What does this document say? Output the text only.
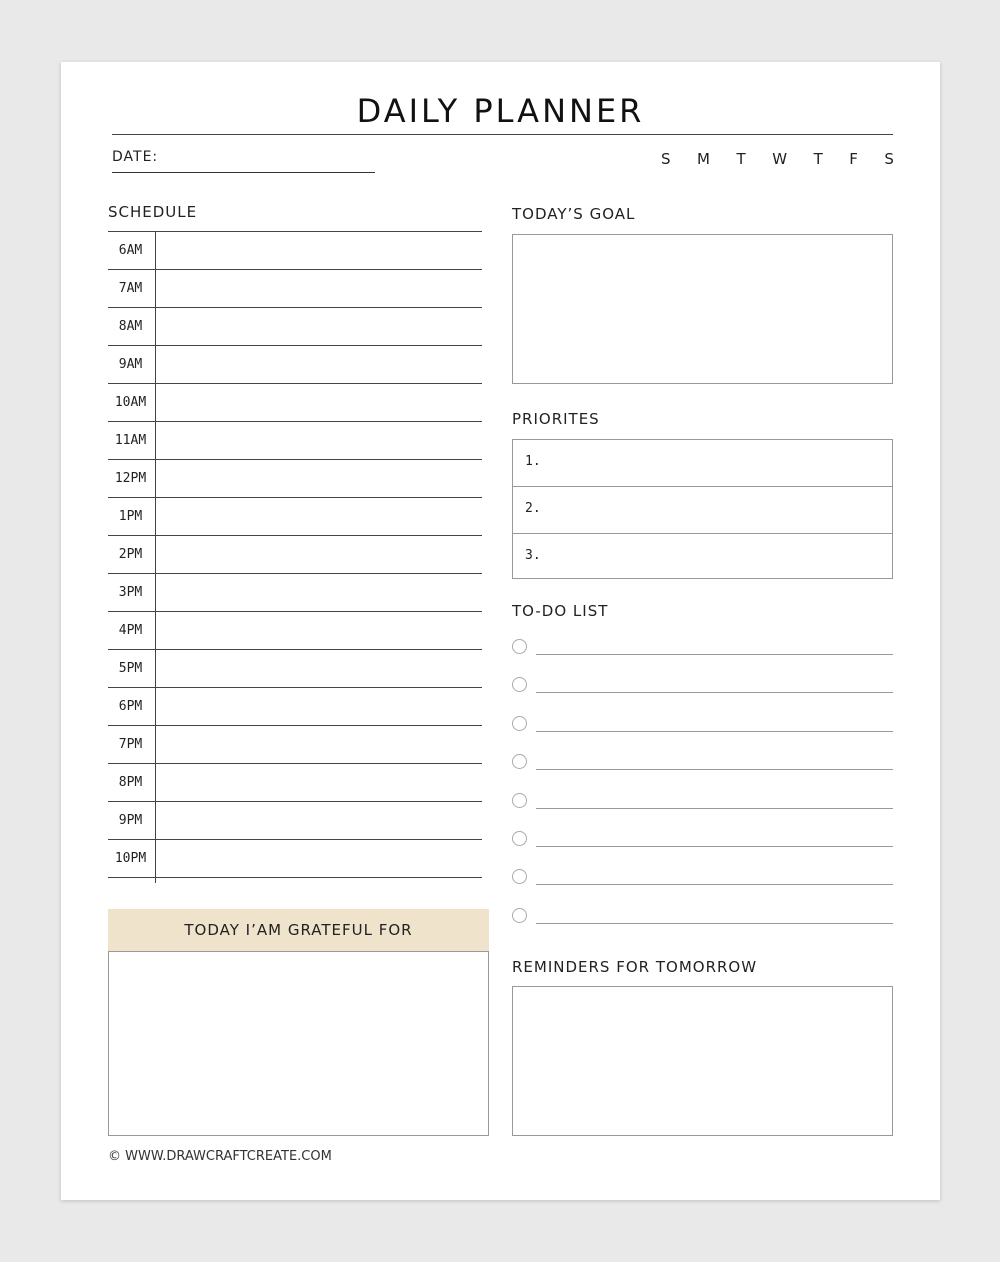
DAILY PLANNER
DATE:	S M T W T F S
SCHEDULE
6AM
7AM
8AM
9AM
10AM
11AM
12PM
1PM
2PM
3PM
4PM
5PM
6PM
7PM
8PM
9PM
10PM
TODAY’S GOAL
PRIORITES
1.
2.
3.
TO-DO LIST
TODAY I’AM GRATEFUL FOR
REMINDERS FOR TOMORROW
© WWW.DRAWCRAFTCREATE.COM
